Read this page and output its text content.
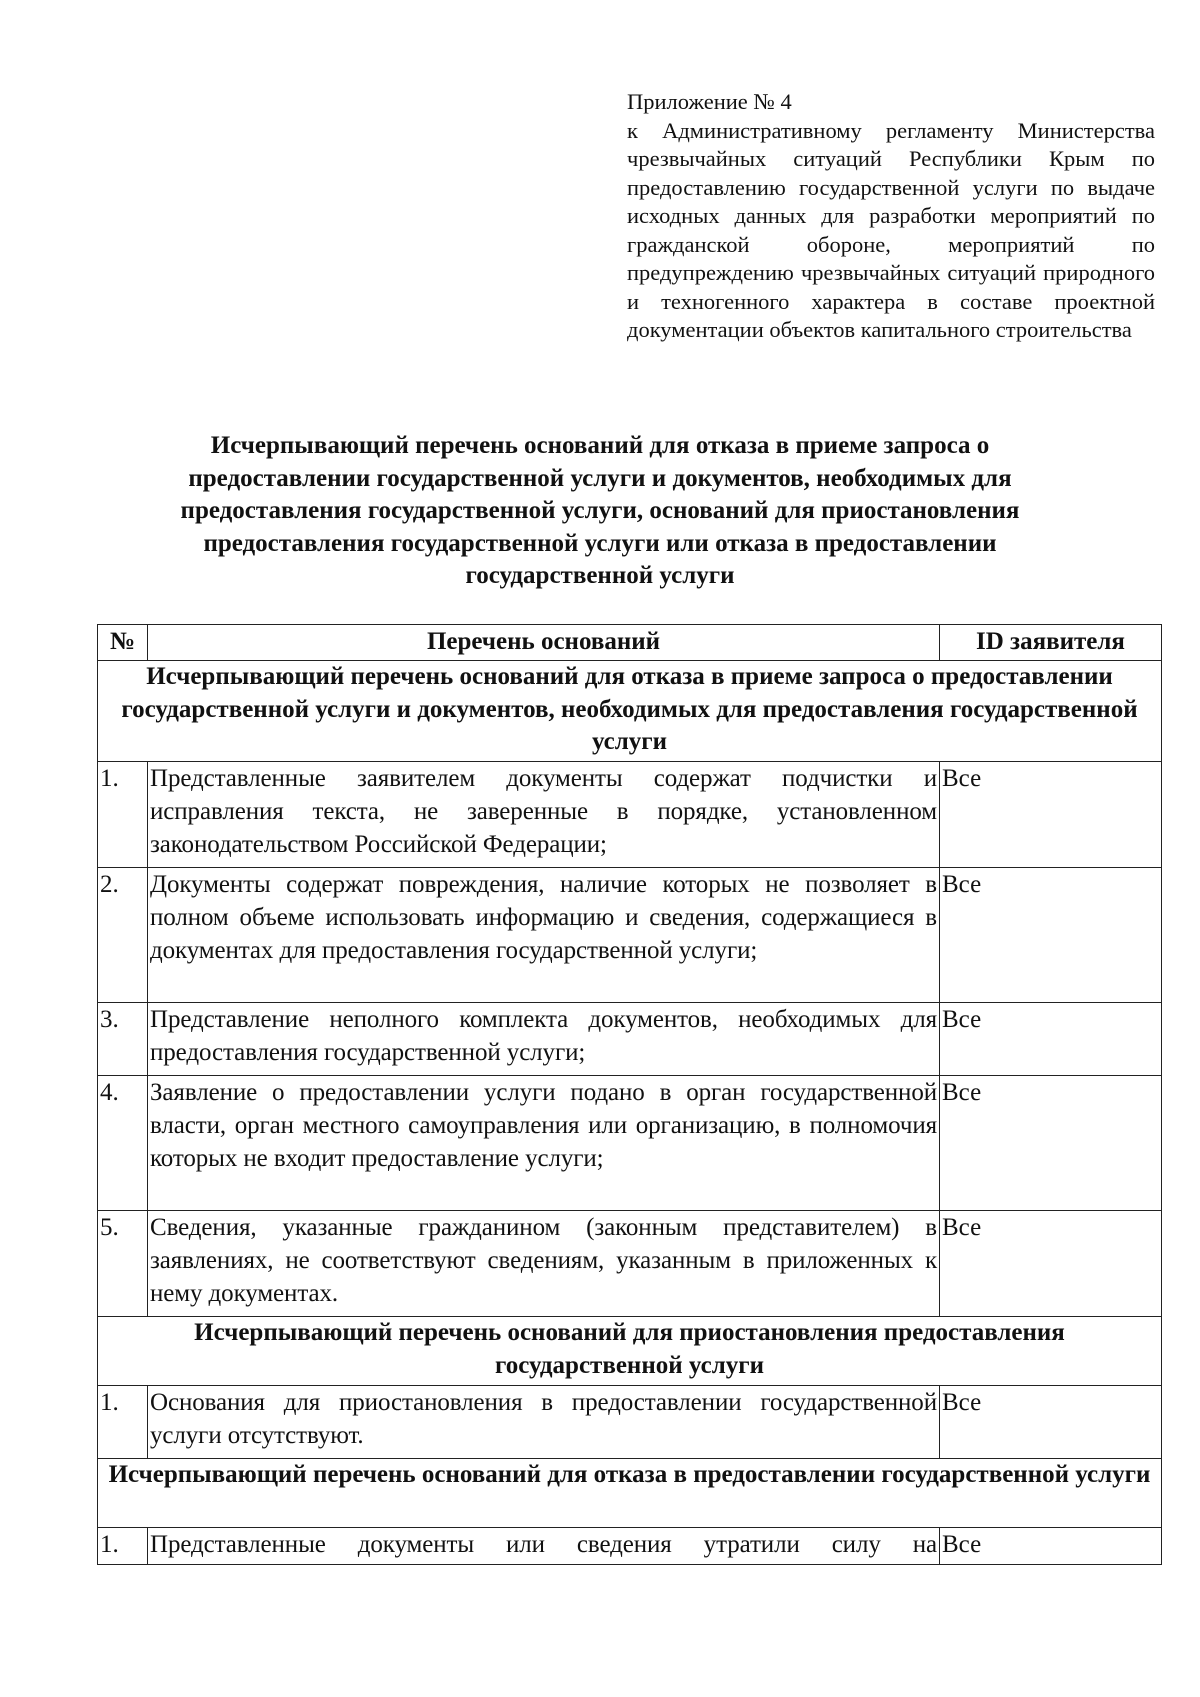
Приложение № 4
к Административному регламенту Министерства чрезвычайных ситуаций Республики Крым по предоставлению государственной услуги по выдаче исходных данных для разработки мероприятий по гражданской обороне, мероприятий по предупреждению чрезвычайных ситуаций природного и техногенного характера в составе проектной документации объектов капитального строительства
Исчерпывающий перечень оснований для отказа в приеме запроса о предоставлении государственной услуги и документов, необходимых для предоставления государственной услуги, оснований для приостановления предоставления государственной услуги или отказа в предоставлении государственной услуги
№	Перечень оснований	ID заявителя
Исчерпывающий перечень оснований для отказа в приеме запроса о предоставлении государственной услуги и документов, необходимых для предоставления государственной услуги		
1.	Представленные заявителем документы содержат подчистки и исправления текста, не заверенные в порядке, установленном законодательством Российской Федерации;	Все
2.	Документы содержат повреждения, наличие которых не позволяет в полном объеме использовать информацию и сведения, содержащиеся в документах для предоставления государственной услуги;	Все
3.	Представление неполного комплекта документов, необходимых для предоставления государственной услуги;	Все
4.	Заявление о предоставлении услуги подано в орган государственной власти, орган местного самоуправления или организацию, в полномочия которых не входит предоставление услуги;	Все
5.	Сведения, указанные гражданином (законным представителем) в заявлениях, не соответствуют сведениям, указанным в приложенных к нему документах.	Все
Исчерпывающий перечень оснований для приостановления предоставления государственной услуги		
1.	Основания для приостановления в предоставлении государственной услуги отсутствуют.	Все
Исчерпывающий перечень оснований для отказа в предоставлении государственной услуги		
1.	Представленные документы или сведения утратили силу на	Все
